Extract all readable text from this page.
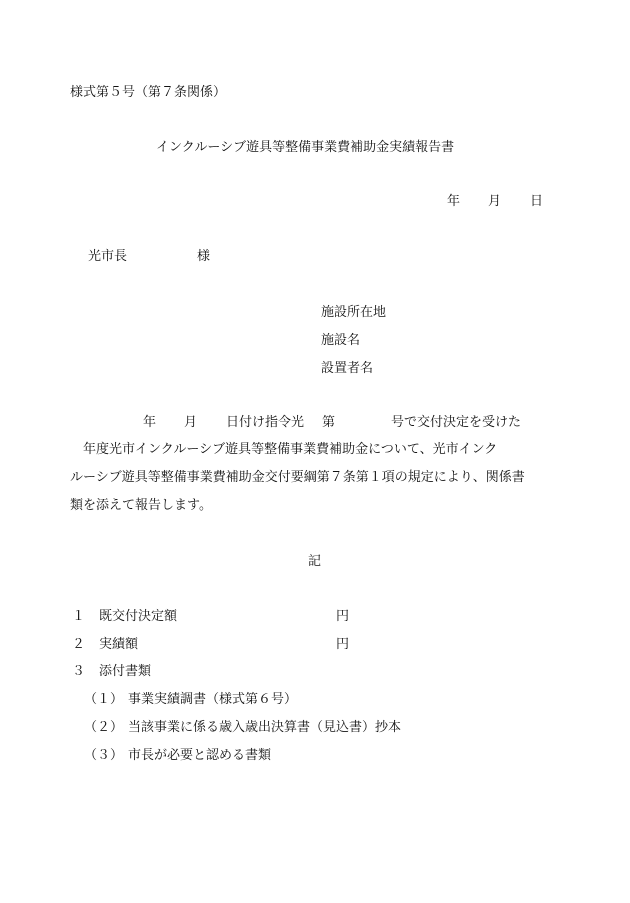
様式第５号（第７条関係）
インクルーシブ遊具等整備事業費補助金実績報告書
年 月 日
光市長	様
施設所在地
施設名
設置者名
年 月 日付け指令光 第	号で交付決定を受けた
　年度光市インクルーシブ遊具等整備事業費補助金について、光市インク
ルーシブ遊具等整備事業費補助金交付要綱第７条第１項の規定により、関係書
類を添えて報告します。
記
１ 既交付決定額	円
２ 実績額	円
３ 添付書類
（１） 事業実績調書（様式第６号）
（２） 当該事業に係る歳入歳出決算書（見込書）抄本
（３） 市長が必要と認める書類
